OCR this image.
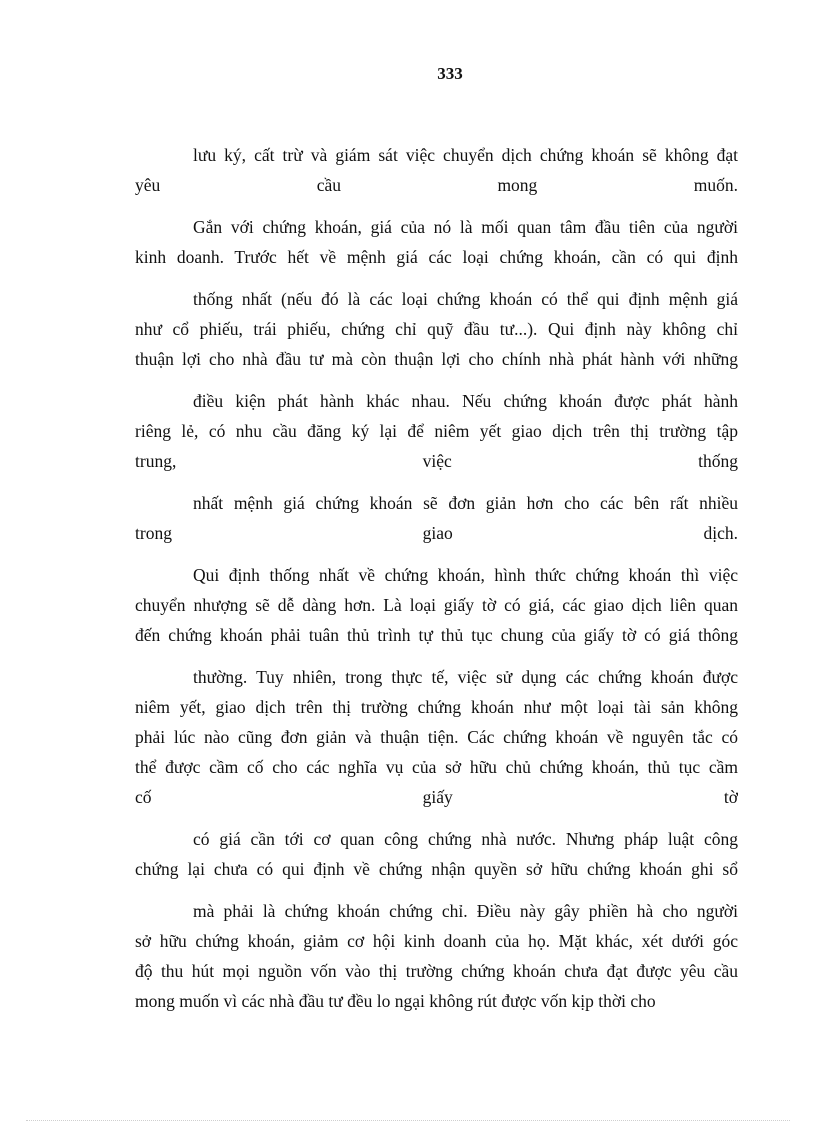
333
lưu ký, cất trừ và giám sát việc chuyển dịch chứng khoán sẽ không đạt
yêu cầu mong muốn.
Gắn với chứng khoán, giá của nó là mối quan tâm đầu tiên của người
kinh doanh. Trước hết về mệnh giá các loại chứng khoán, cần có qui định
thống nhất (nếu đó là các loại chứng khoán có thể qui định mệnh giá
như cổ phiếu, trái phiếu, chứng chỉ quỹ đầu tư...). Qui định này không chỉ
thuận lợi cho nhà đầu tư mà còn thuận lợi cho chính nhà phát hành với những
điều kiện phát hành khác nhau. Nếu chứng khoán được phát hành
riêng lẻ, có nhu cầu đăng ký lại để niêm yết giao dịch trên thị trường tập
trung, việc thống
nhất mệnh giá chứng khoán sẽ đơn giản hơn cho các bên rất nhiều
trong giao dịch.
Qui định thống nhất về chứng khoán, hình thức chứng khoán thì việc
chuyển nhượng sẽ dễ dàng hơn. Là loại giấy tờ có giá, các giao dịch liên quan
đến chứng khoán phải tuân thủ trình tự thủ tục chung của giấy tờ có giá thông
thường. Tuy nhiên, trong thực tế, việc sử dụng các chứng khoán được
niêm yết, giao dịch trên thị trường chứng khoán như một loại tài sản không
phải lúc nào cũng đơn giản và thuận tiện. Các chứng khoán về nguyên tắc có
thể được cầm cố cho các nghĩa vụ của sở hữu chủ chứng khoán, thủ tục cầm
cố giấy tờ
có giá cần tới cơ quan công chứng nhà nước. Nhưng pháp luật công
chứng lại chưa có qui định về chứng nhận quyền sở hữu chứng khoán ghi sổ
mà phải là chứng khoán chứng chỉ. Điều này gây phiền hà cho người
sở hữu chứng khoán, giảm cơ hội kinh doanh của họ. Mặt khác, xét dưới góc
độ thu hút mọi nguồn vốn vào thị trường chứng khoán chưa đạt được yêu cầu
mong muốn vì các nhà đầu tư đều lo ngại không rút được vốn kịp thời cho
